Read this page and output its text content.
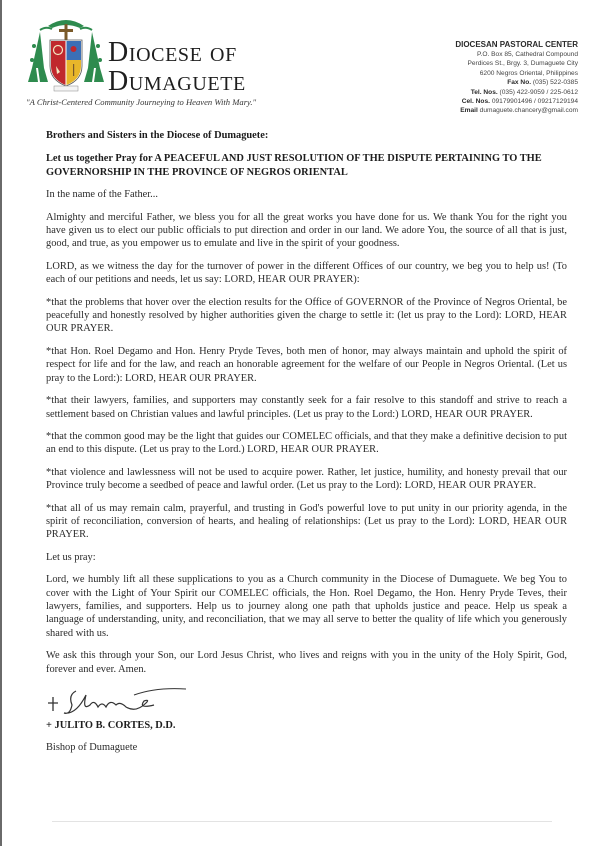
Diocese of
Dumaguete
"A Christ-Centered Community Journeying to Heaven With Mary."
DIOCESAN PASTORAL CENTER
P.O. Box 85, Cathedral Compound
Perdices St., Brgy. 3, Dumaguete City
6200 Negros Oriental, Philippines
Fax No. (035) 522-0385
Tel. Nos. (035) 422-9059 / 225-0612
Cel. Nos. 09179901496 / 09217129194
Email dumaguete.chancery@gmail.com

Brothers and Sisters in the Diocese of Dumaguete:

Let us together Pray for A PEACEFUL AND JUST RESOLUTION OF THE DISPUTE PERTAINING TO THE GOVERNORSHIP IN THE PROVINCE OF NEGROS ORIENTAL

In the name of the Father...

Almighty and merciful Father, we bless you for all the great works you have done for us. We thank You for the right you have given us to elect our public officials to put direction and order in our land. We adore You, the source of all that is just, good, and true, as you empower us to emulate and live in the spirit of your goodness.

LORD, as we witness the day for the turnover of power in the different Offices of our country, we beg you to help us! (To each of our petitions and needs, let us say: LORD, HEAR OUR PRAYER):

*that the problems that hover over the election results for the Office of GOVERNOR of the Province of Negros Oriental, be peacefully and honestly resolved by higher authorities given the charge to settle it: (let us pray to the Lord): LORD, HEAR OUR PRAYER.

*that Hon. Roel Degamo and Hon. Henry Pryde Teves, both men of honor, may always maintain and uphold the spirit of respect for life and for the law, and reach an honorable agreement for the welfare of our People in Negros Oriental. (Let us pray to the Lord:): LORD, HEAR OUR PRAYER.

*that their lawyers, families, and supporters may constantly seek for a fair resolve to this standoff and strive to reach a settlement based on Christian values and lawful principles. (Let us pray to the Lord:) LORD, HEAR OUR PRAYER.

*that the common good may be the light that guides our COMELEC officials, and that they make a definitive decision to put an end to this dispute. (Let us pray to the Lord.) LORD, HEAR OUR PRAYER.

*that violence and lawlessness will not be used to acquire power. Rather, let justice, humility, and honesty prevail that our Province truly become a seedbed of peace and lawful order. (Let us pray to the Lord): LORD, HEAR OUR PRAYER.

*that all of us may remain calm, prayerful, and trusting in God's powerful love to put unity in our priority agenda, in the spirit of reconciliation, conversion of hearts, and healing of relationships: (Let us pray to the Lord): LORD, HEAR OUR PRAYER.

Let us pray:

Lord, we humbly lift all these supplications to you as a Church community in the Diocese of Dumaguete. We beg You to cover with the Light of Your Spirit our COMELEC officials, the Hon. Roel Degamo, the Hon. Henry Pryde Teves, their lawyers, families, and supporters. Help us to journey along one path that upholds justice and peace. Help us speak a language of understanding, unity, and reconciliation, that we may all serve to better the quality of life which you generously shared with us.

We ask this through your Son, our Lord Jesus Christ, who lives and reigns with you in the unity of the Holy Spirit, God, forever and ever. Amen.

+ JULITO B. CORTES, D.D.

Bishop of Dumaguete
